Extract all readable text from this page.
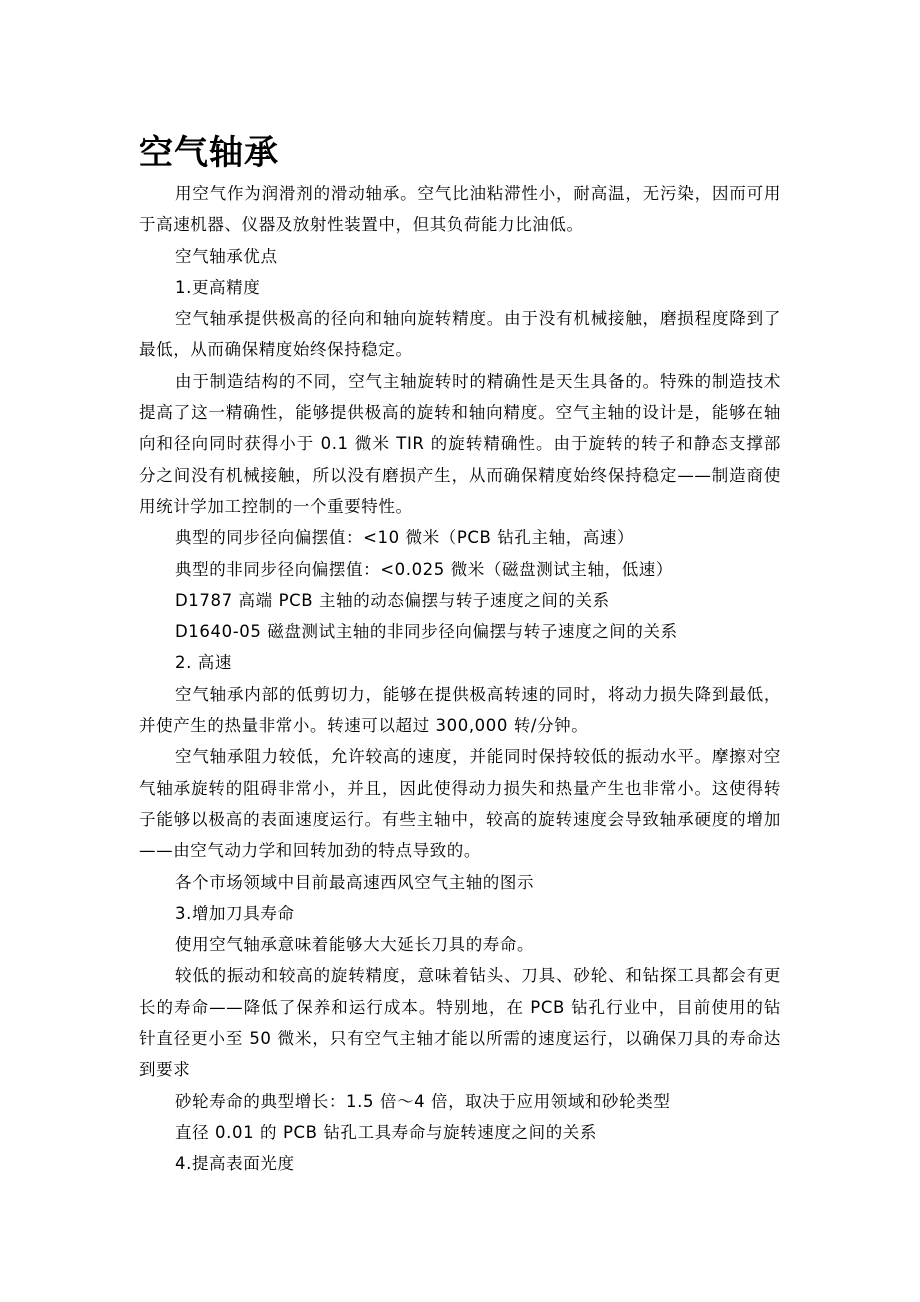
空气轴承

用空气作为润滑剂的滑动轴承。空气比油粘滞性小，耐高温，无污染，因而可用于高速机器、仪器及放射性装置中，但其负荷能力比油低。

空气轴承优点

1.更高精度

空气轴承提供极高的径向和轴向旋转精度。由于没有机械接触，磨损程度降到了最低，从而确保精度始终保持稳定。

由于制造结构的不同，空气主轴旋转时的精确性是天生具备的。特殊的制造技术提高了这一精确性，能够提供极高的旋转和轴向精度。空气主轴的设计是，能够在轴向和径向同时获得小于 0.1 微米 TIR 的旋转精确性。由于旋转的转子和静态支撑部分之间没有机械接触，所以没有磨损产生，从而确保精度始终保持稳定——制造商使用统计学加工控制的一个重要特性。

典型的同步径向偏摆值：<10 微米（PCB 钻孔主轴，高速）

典型的非同步径向偏摆值：<0.025 微米（磁盘测试主轴，低速）

D1787 高端 PCB 主轴的动态偏摆与转子速度之间的关系

D1640-05 磁盘测试主轴的非同步径向偏摆与转子速度之间的关系

2. 高速

空气轴承内部的低剪切力，能够在提供极高转速的同时，将动力损失降到最低，并使产生的热量非常小。转速可以超过 300,000 转/分钟。

空气轴承阻力较低，允许较高的速度，并能同时保持较低的振动水平。摩擦对空气轴承旋转的阻碍非常小，并且，因此使得动力损失和热量产生也非常小。这使得转子能够以极高的表面速度运行。有些主轴中，较高的旋转速度会导致轴承硬度的增加——由空气动力学和回转加劲的特点导致的。

各个市场领域中目前最高速西风空气主轴的图示

3.增加刀具寿命

使用空气轴承意味着能够大大延长刀具的寿命。

较低的振动和较高的旋转精度，意味着钻头、刀具、砂轮、和钻探工具都会有更长的寿命——降低了保养和运行成本。特别地，在 PCB 钻孔行业中，目前使用的钻针直径更小至 50 微米，只有空气主轴才能以所需的速度运行，以确保刀具的寿命达到要求

砂轮寿命的典型增长：1.5 倍～4 倍，取决于应用领域和砂轮类型

直径 0.01 的 PCB 钻孔工具寿命与旋转速度之间的关系

4.提高表面光度
